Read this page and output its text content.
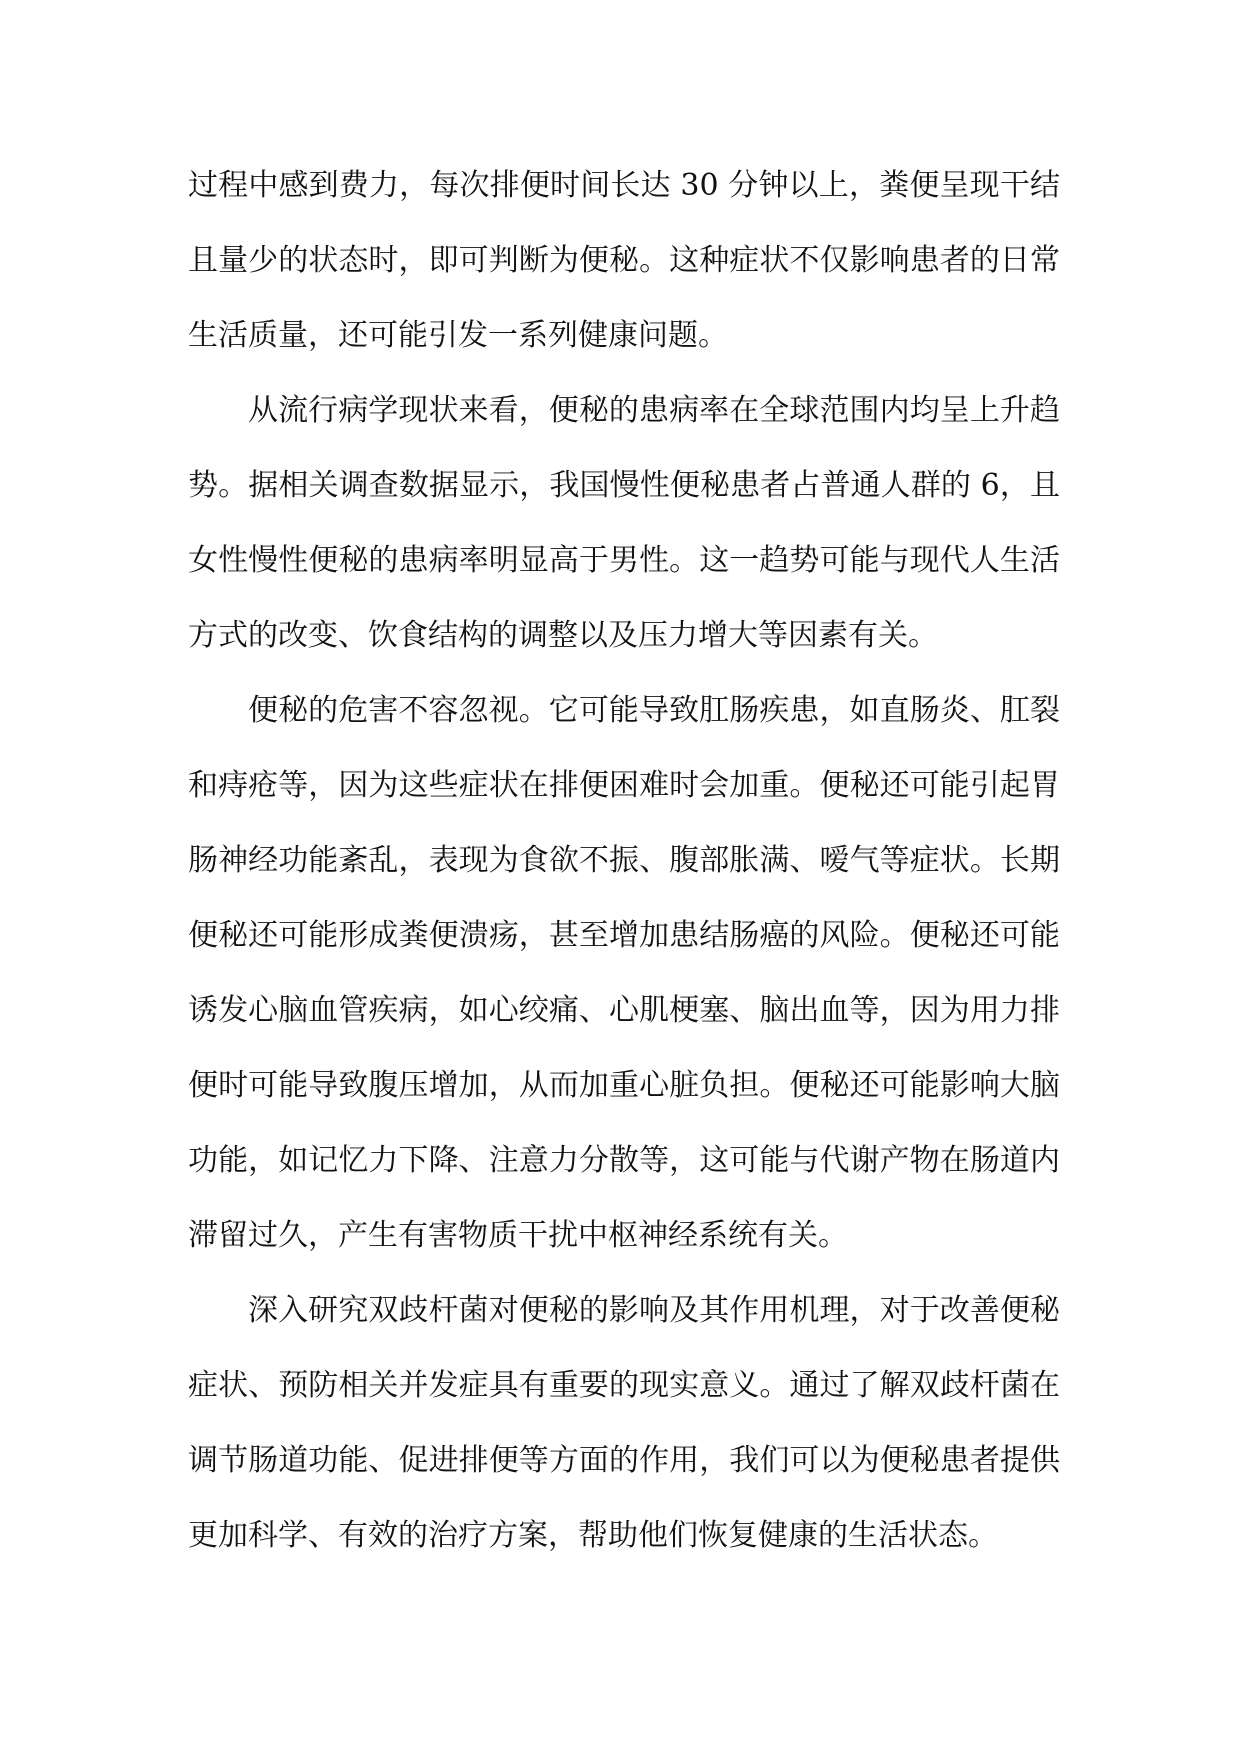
过程中感到费力，每次排便时间长达 30 分钟以上，粪便呈现干结且量少的状态时，即可判断为便秘。这种症状不仅影响患者的日常生活质量，还可能引发一系列健康问题。

从流行病学现状来看，便秘的患病率在全球范围内均呈上升趋势。据相关调查数据显示，我国慢性便秘患者占普通人群的 6，且女性慢性便秘的患病率明显高于男性。这一趋势可能与现代人生活方式的改变、饮食结构的调整以及压力增大等因素有关。

便秘的危害不容忽视。它可能导致肛肠疾患，如直肠炎、肛裂和痔疮等，因为这些症状在排便困难时会加重。便秘还可能引起胃肠神经功能紊乱，表现为食欲不振、腹部胀满、嗳气等症状。长期便秘还可能形成粪便溃疡，甚至增加患结肠癌的风险。便秘还可能诱发心脑血管疾病，如心绞痛、心肌梗塞、脑出血等，因为用力排便时可能导致腹压增加，从而加重心脏负担。便秘还可能影响大脑功能，如记忆力下降、注意力分散等，这可能与代谢产物在肠道内滞留过久，产生有害物质干扰中枢神经系统有关。

深入研究双歧杆菌对便秘的影响及其作用机理，对于改善便秘症状、预防相关并发症具有重要的现实意义。通过了解双歧杆菌在调节肠道功能、促进排便等方面的作用，我们可以为便秘患者提供更加科学、有效的治疗方案，帮助他们恢复健康的生活状态。
